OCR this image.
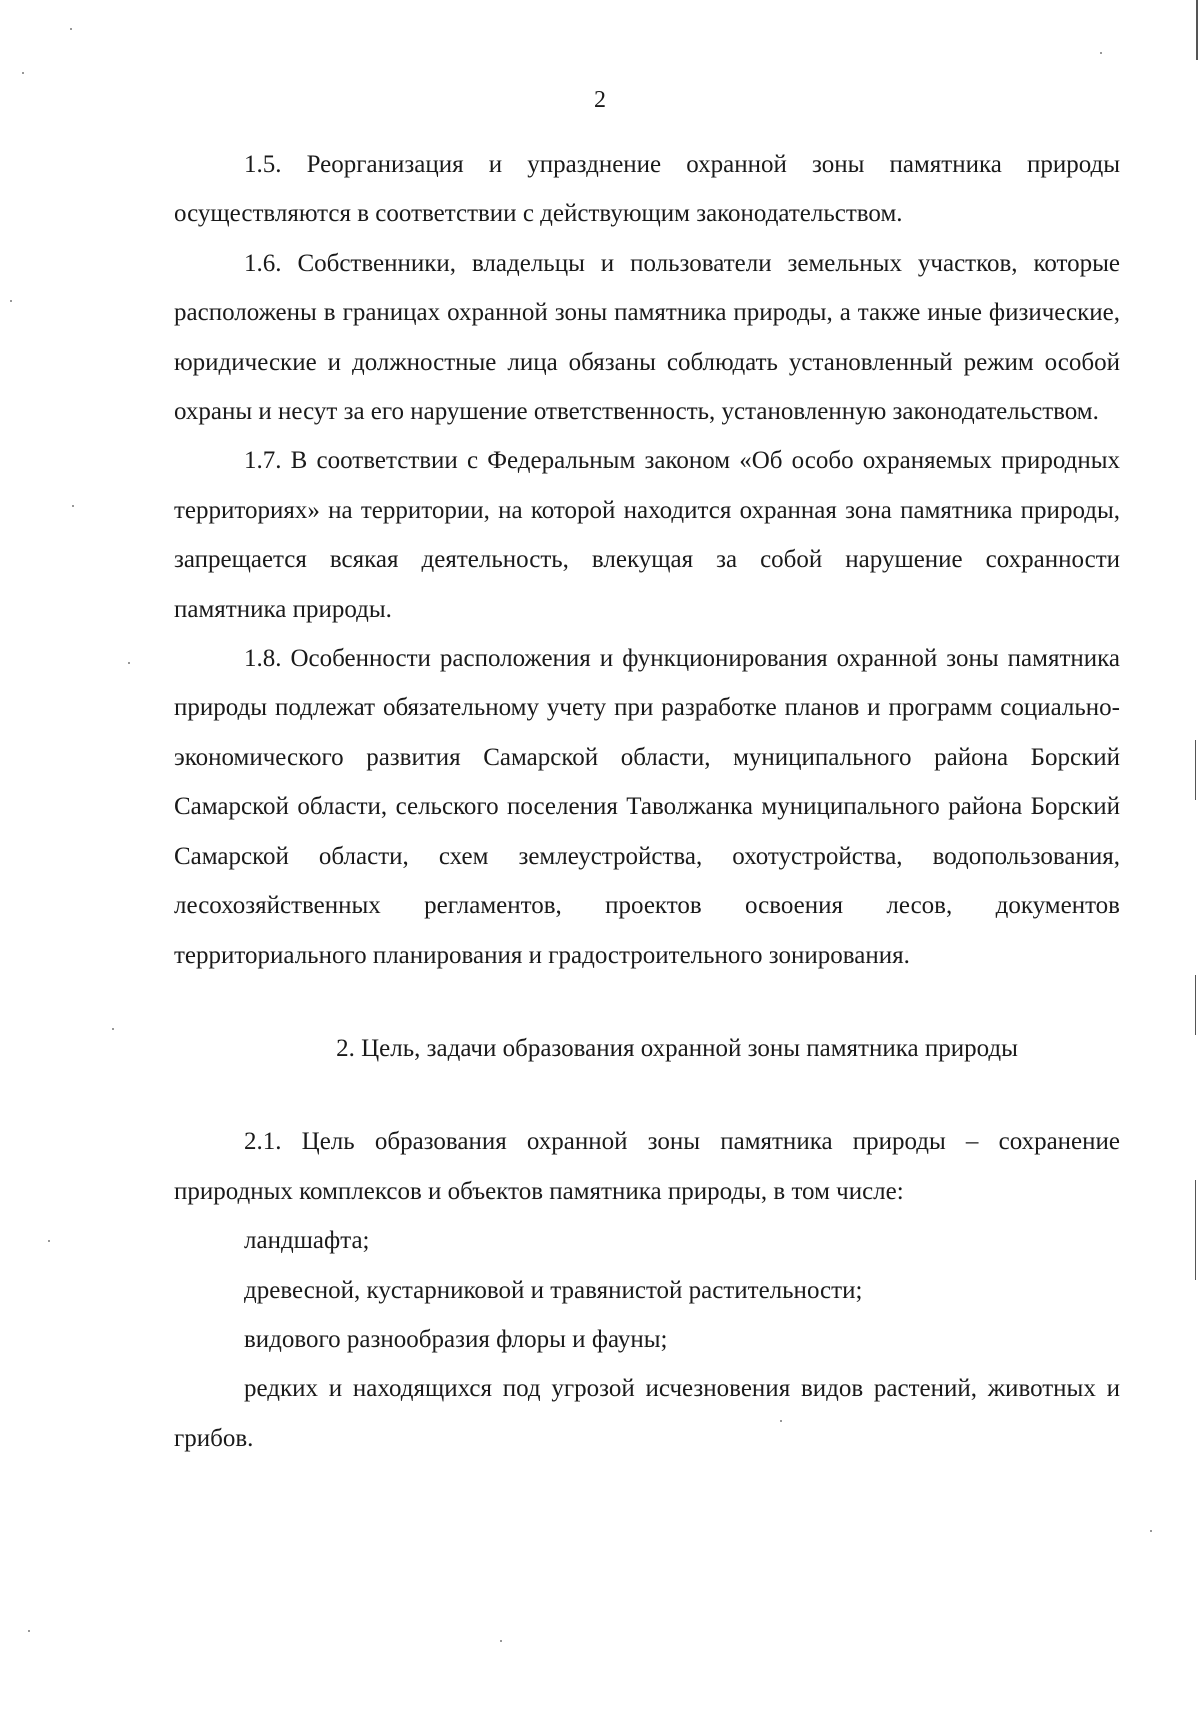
2

1.5. Реорганизация и упразднение охранной зоны памятника природы осуществляются в соответствии с действующим законодательством.

1.6. Собственники, владельцы и пользователи земельных участков, которые расположены в границах охранной зоны памятника природы, а также иные физические, юридические и должностные лица обязаны соблюдать установленный режим особой охраны и несут за его нарушение ответственность, установленную законодательством.

1.7. В соответствии с Федеральным законом «Об особо охраняемых природных территориях» на территории, на которой находится охранная зона памятника природы, запрещается всякая деятельность, влекущая за собой нарушение сохранности памятника природы.

1.8. Особенности расположения и функционирования охранной зоны памятника природы подлежат обязательному учету при разработке планов и программ социально-экономического развития Самарской области, муниципального района Борский Самарской области, сельского поселения Таволжанка муниципального района Борский Самарской области, схем землеустройства, охотустройства, водопользования, лесохозяйственных регламентов, проектов освоения лесов, документов территориального планирования и градостроительного зонирования.

2. Цель, задачи образования охранной зоны памятника природы

2.1. Цель образования охранной зоны памятника природы – сохранение природных комплексов и объектов памятника природы, в том числе:

ландшафта;

древесной, кустарниковой и травянистой растительности;

видового разнообразия флоры и фауны;

редких и находящихся под угрозой исчезновения видов растений, животных и грибов.
